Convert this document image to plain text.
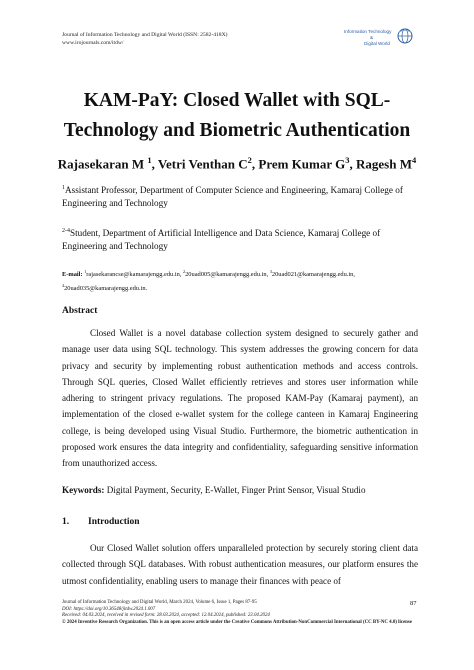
Journal of Information Technology and Digital World (ISSN: 2582-418X)
www.irojournals.com/itdw/
Information Technology
&
Digital World
KAM-PaY: Closed Wallet with SQL-
Technology and Biometric Authentication
Rajasekaran M $^1$, Vetri Venthan $C^2$, Prem Kumar $G^3$, Ragesh $M^4$
$^1$Assistant Professor, Department of Computer Science and Engineering, Kamaraj College of Engineering and Technology
$^{2-4}$Student, Department of Artificial Intelligence and Data Science, Kamaraj College of Engineering and Technology
E-mail: $^1$rajasekarancse@kamarajengg.edu.in, $^2$20uad005@kamarajengg.edu.in, $^3$20uad021@kamarajengg.edu.in,
$^4$20uad035@kamarajengg.edu.in.
Abstract
Closed Wallet is a novel database collection system designed to securely gather and manage user data using SQL technology. This system addresses the growing concern for data privacy and security by implementing robust authentication methods and access controls. Through SQL queries, Closed Wallet efficiently retrieves and stores user information while adhering to stringent privacy regulations. The proposed KAM-Pay (Kamaraj payment), an implementation of the closed e-wallet system for the college canteen in Kamaraj Engineering college, is being developed using Visual Studio. Furthermore, the biometric authentication in proposed work ensures the data integrity and confidentiality, safeguarding sensitive information from unauthorized access.
Keywords: Digital Payment, Security, E-Wallet, Finger Print Sensor, Visual Studio
1. Introduction
Our Closed Wallet solution offers unparalleled protection by securely storing client data collected through SQL databases. With robust authentication measures, our platform ensures the utmost confidentiality, enabling users to manage their finances with peace of
Journal of Information Technology and Digital World, March 2024, Volume 6, Issue 1, Pages 87-95
DOI: https://doi.org/10.36548/jitdw.2024.1.007
Received: 04.03.2024, received in revised form: 28.03.2024, accepted: 12.04.2024, published: 23.04.2024
© 2024 Inventive Research Organization. This is an open access article under the Creative Commons Attribution-NonCommercial International (CC BY-NC 4.0) license
87
